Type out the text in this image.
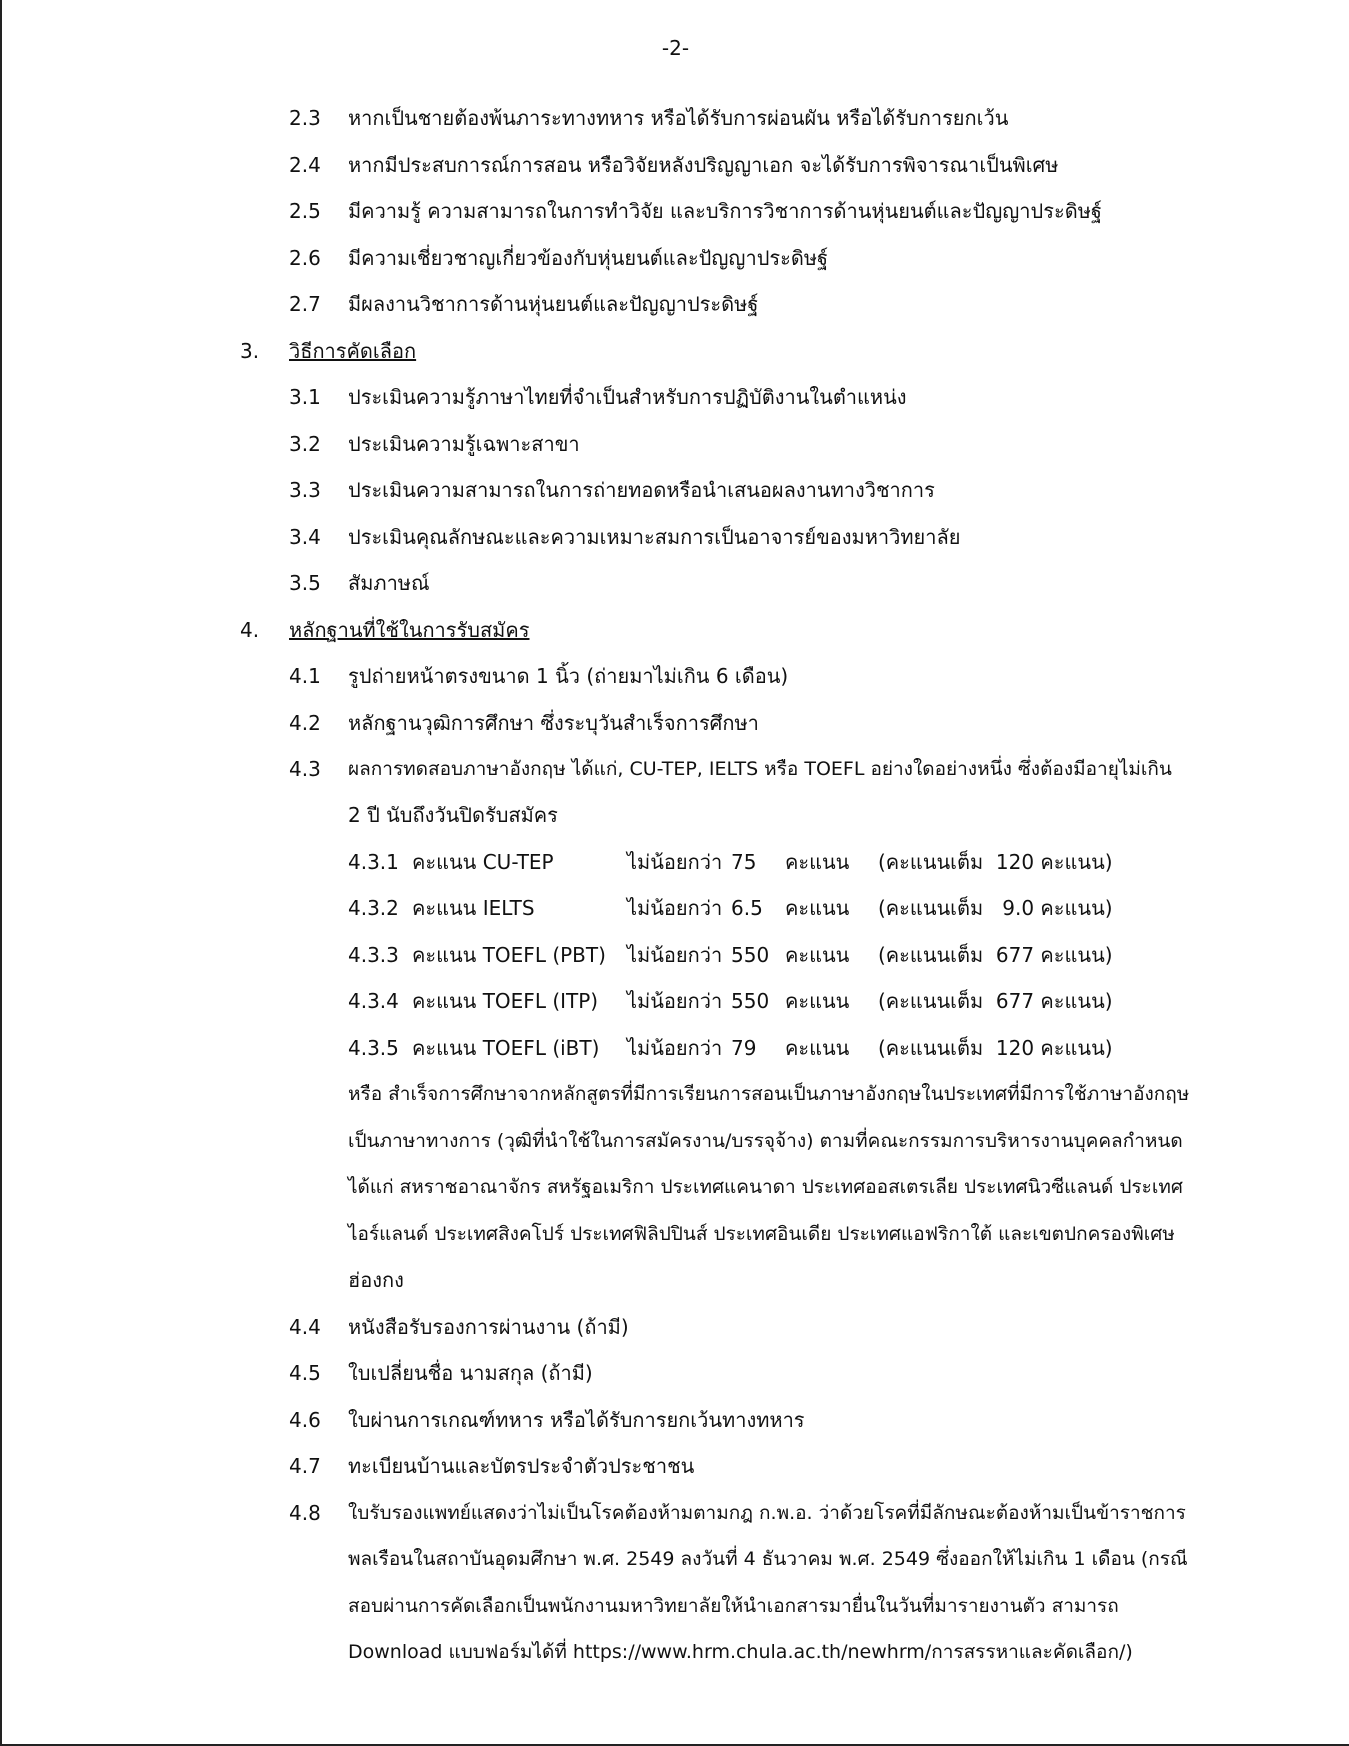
-2-
2.3 หากเป็นชายต้องพ้นภาระทางทหาร หรือได้รับการผ่อนผัน หรือได้รับการยกเว้น
2.4 หากมีประสบการณ์การสอน หรือวิจัยหลังปริญญาเอก จะได้รับการพิจารณาเป็นพิเศษ
2.5 มีความรู้ ความสามารถในการทำวิจัย และบริการวิชาการด้านหุ่นยนต์และปัญญาประดิษฐ์
2.6 มีความเชี่ยวชาญเกี่ยวข้องกับหุ่นยนต์และปัญญาประดิษฐ์
2.7 มีผลงานวิชาการด้านหุ่นยนต์และปัญญาประดิษฐ์
3. วิธีการคัดเลือก
3.1 ประเมินความรู้ภาษาไทยที่จำเป็นสำหรับการปฏิบัติงานในตำแหน่ง
3.2 ประเมินความรู้เฉพาะสาขา
3.3 ประเมินความสามารถในการถ่ายทอดหรือนำเสนอผลงานทางวิชาการ
3.4 ประเมินคุณลักษณะและความเหมาะสมการเป็นอาจารย์ของมหาวิทยาลัย
3.5 สัมภาษณ์
4. หลักฐานที่ใช้ในการรับสมัคร
4.1 รูปถ่ายหน้าตรงขนาด 1 นิ้ว (ถ่ายมาไม่เกิน 6 เดือน)
4.2 หลักฐานวุฒิการศึกษา ซึ่งระบุวันสำเร็จการศึกษา
4.3 ผลการทดสอบภาษาอังกฤษ ได้แก่, CU-TEP, IELTS หรือ TOEFL อย่างใดอย่างหนึ่ง ซึ่งต้องมีอายุไม่เกิน
2 ปี นับถึงวันปิดรับสมัคร
4.3.1 คะแนน CU-TEP	ไม่น้อยกว่า 75 คะแนน (คะแนนเต็ม  120 คะแนน)
4.3.2 คะแนน IELTS	ไม่น้อยกว่า 6.5 คะแนน (คะแนนเต็ม   9.0 คะแนน)
4.3.3 คะแนน TOEFL (PBT) ไม่น้อยกว่า 550 คะแนน (คะแนนเต็ม  677 คะแนน)
4.3.4 คะแนน TOEFL (ITP) ไม่น้อยกว่า 550 คะแนน (คะแนนเต็ม  677 คะแนน)
4.3.5 คะแนน TOEFL (iBT) ไม่น้อยกว่า 79 คะแนน (คะแนนเต็ม  120 คะแนน)
หรือ สำเร็จการศึกษาจากหลักสูตรที่มีการเรียนการสอนเป็นภาษาอังกฤษในประเทศที่มีการใช้ภาษาอังกฤษ
เป็นภาษาทางการ (วุฒิที่นำใช้ในการสมัครงาน/บรรจุจ้าง) ตามที่คณะกรรมการบริหารงานบุคคลกำหนด
ได้แก่ สหราชอาณาจักร สหรัฐอเมริกา ประเทศแคนาดา ประเทศออสเตรเลีย ประเทศนิวซีแลนด์ ประเทศ
ไอร์แลนด์ ประเทศสิงคโปร์ ประเทศฟิลิปปินส์ ประเทศอินเดีย ประเทศแอฟริกาใต้ และเขตปกครองพิเศษ
ฮ่องกง
4.4 หนังสือรับรองการผ่านงาน (ถ้ามี)
4.5 ใบเปลี่ยนชื่อ นามสกุล (ถ้ามี)
4.6 ใบผ่านการเกณฑ์ทหาร หรือได้รับการยกเว้นทางทหาร
4.7 ทะเบียนบ้านและบัตรประจำตัวประชาชน
4.8 ใบรับรองแพทย์แสดงว่าไม่เป็นโรคต้องห้ามตามกฎ ก.พ.อ. ว่าด้วยโรคที่มีลักษณะต้องห้ามเป็นข้าราชการ
พลเรือนในสถาบันอุดมศึกษา พ.ศ. 2549 ลงวันที่ 4 ธันวาคม พ.ศ. 2549 ซึ่งออกให้ไม่เกิน 1 เดือน (กรณี
สอบผ่านการคัดเลือกเป็นพนักงานมหาวิทยาลัยให้นำเอกสารมายื่นในวันที่มารายงานตัว สามารถ
Download แบบฟอร์มได้ที่ https://www.hrm.chula.ac.th/newhrm/การสรรหาและคัดเลือก/)
